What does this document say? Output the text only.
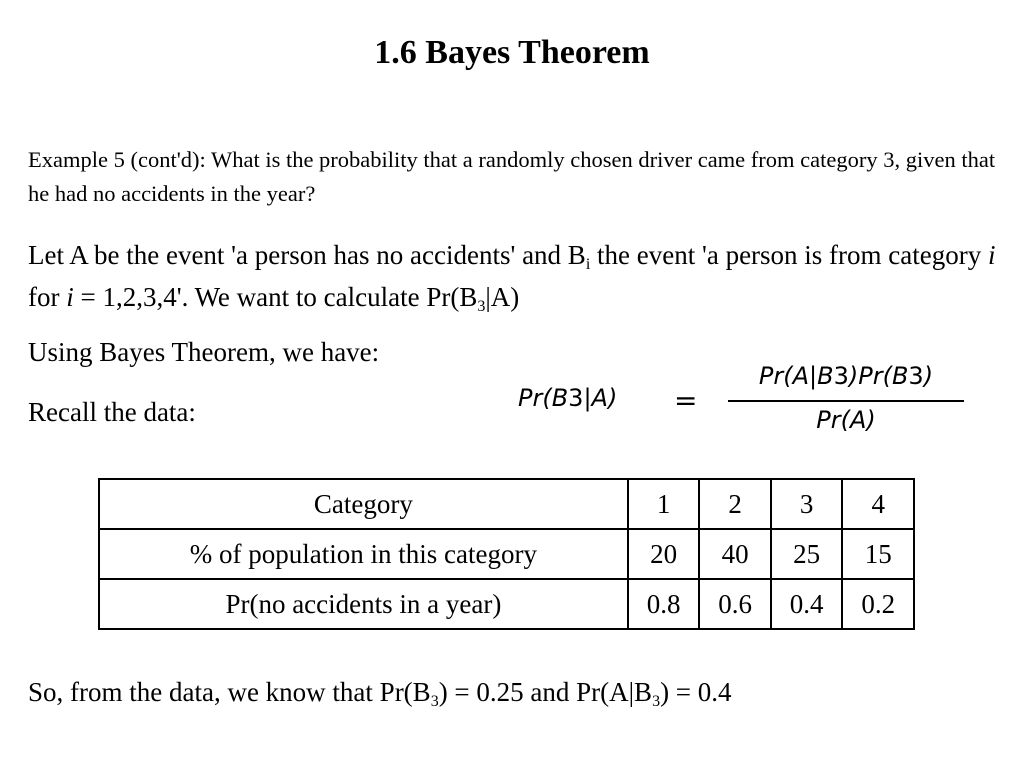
1.6 Bayes Theorem
Example 5 (cont'd): What is the probability that a randomly chosen driver came from category 3, given that he had no accidents in the year?
Let A be the event 'a person has no accidents' and $B_i$ the event 'a person is from category i for i = 1,2,3,4'. We want to calculate $Pr(B_3|A)$
Using Bayes Theorem, we have:
Recall the data:	Pr(B3|A) =
Pr(A|B3)Pr(B3)
Pr(A)
Category	1	2	3	4
% of population in this category	20	40	25	15
Pr(no accidents in a year)	0.8	0.6	0.4	0.2
So, from the data, we know that $Pr(B_3) = 0.25$ and $Pr(A|B_3) = 0.4$
